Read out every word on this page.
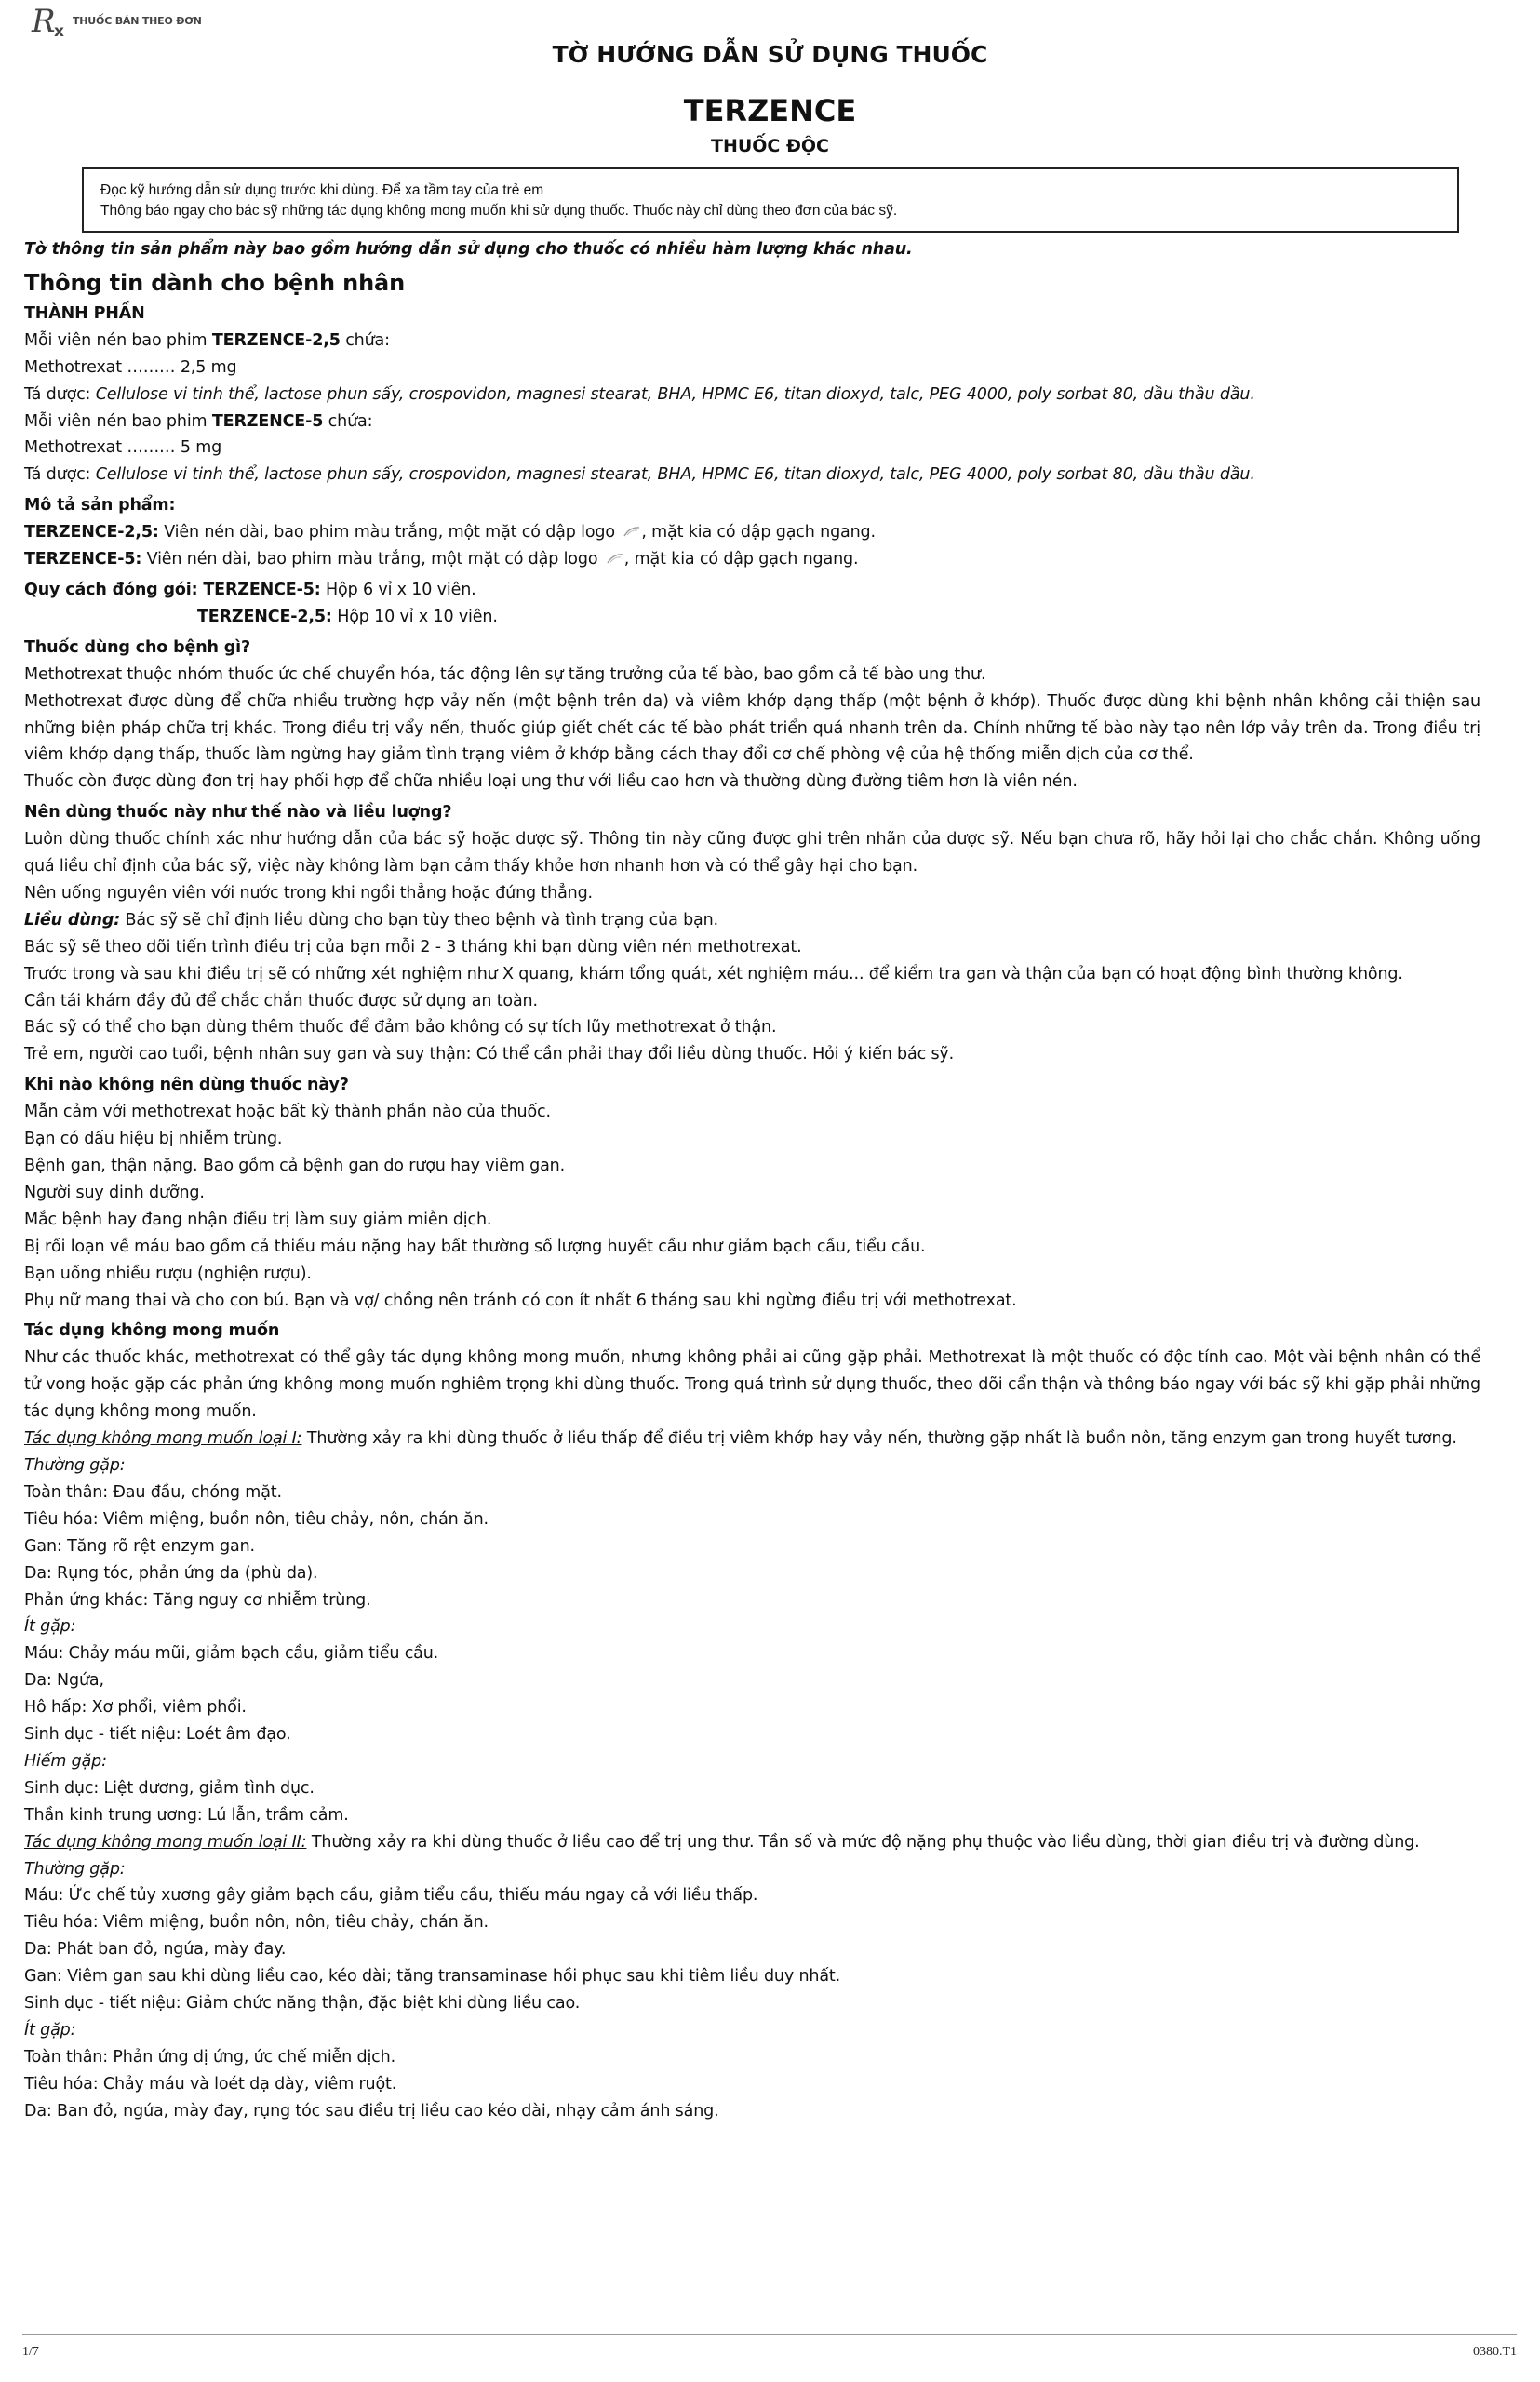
R
x
THUỐC BÁN THEO ĐƠN
TỜ HƯỚNG DẪN SỬ DỤNG THUỐC
TERZENCE
THUỐC ĐỘC
Đọc kỹ hướng dẫn sử dụng trước khi dùng. Để xa tầm tay của trẻ em
Thông báo ngay cho bác sỹ những tác dụng không mong muốn khi sử dụng thuốc. Thuốc này chỉ dùng theo đơn của bác sỹ.

Tờ thông tin sản phẩm này bao gồm hướng dẫn sử dụng cho thuốc có nhiều hàm lượng khác nhau.

Thông tin dành cho bệnh nhân

THÀNH PHẦN

Mỗi viên nén bao phim TERZENCE-2,5 chứa:

Methotrexat ……… 2,5 mg

Tá dược: Cellulose vi tinh thể, lactose phun sấy, crospovidon, magnesi stearat, BHA, HPMC E6, titan dioxyd, talc, PEG 4000, poly sorbat 80, dầu thầu dầu.

Mỗi viên nén bao phim TERZENCE-5 chứa:

Methotrexat ……… 5 mg

Tá dược: Cellulose vi tinh thể, lactose phun sấy, crospovidon, magnesi stearat, BHA, HPMC E6, titan dioxyd, talc, PEG 4000, poly sorbat 80, dầu thầu dầu.

Mô tả sản phẩm:

TERZENCE-2,5: Viên nén dài, bao phim màu trắng, một mặt có dập logo , mặt kia có dập gạch ngang.

TERZENCE-5: Viên nén dài, bao phim màu trắng, một mặt có dập logo , mặt kia có dập gạch ngang.

Quy cách đóng gói: TERZENCE-5: Hộp 6 vỉ x 10 viên.

TERZENCE-2,5: Hộp 10 vỉ x 10 viên.

Thuốc dùng cho bệnh gì?

Methotrexat thuộc nhóm thuốc ức chế chuyển hóa, tác động lên sự tăng trưởng của tế bào, bao gồm cả tế bào ung thư.

Methotrexat được dùng để chữa nhiều trường hợp vảy nến (một bệnh trên da) và viêm khớp dạng thấp (một bệnh ở khớp). Thuốc được dùng khi bệnh nhân không cải thiện sau những biện pháp chữa trị khác. Trong điều trị vẩy nến, thuốc giúp giết chết các tế bào phát triển quá nhanh trên da. Chính những tế bào này tạo nên lớp vảy trên da. Trong điều trị viêm khớp dạng thấp, thuốc làm ngừng hay giảm tình trạng viêm ở khớp bằng cách thay đổi cơ chế phòng vệ của hệ thống miễn dịch của cơ thể.

Thuốc còn được dùng đơn trị hay phối hợp để chữa nhiều loại ung thư với liều cao hơn và thường dùng đường tiêm hơn là viên nén.

Nên dùng thuốc này như thế nào và liều lượng?

Luôn dùng thuốc chính xác như hướng dẫn của bác sỹ hoặc dược sỹ. Thông tin này cũng được ghi trên nhãn của dược sỹ. Nếu bạn chưa rõ, hãy hỏi lại cho chắc chắn. Không uống quá liều chỉ định của bác sỹ, việc này không làm bạn cảm thấy khỏe hơn nhanh hơn và có thể gây hại cho bạn.

Nên uống nguyên viên với nước trong khi ngồi thẳng hoặc đứng thẳng.

Liều dùng: Bác sỹ sẽ chỉ định liều dùng cho bạn tùy theo bệnh và tình trạng của bạn.

Bác sỹ sẽ theo dõi tiến trình điều trị của bạn mỗi 2 - 3 tháng khi bạn dùng viên nén methotrexat.

Trước trong và sau khi điều trị sẽ có những xét nghiệm như X quang, khám tổng quát, xét nghiệm máu... để kiểm tra gan và thận của bạn có hoạt động bình thường không.

Cần tái khám đầy đủ để chắc chắn thuốc được sử dụng an toàn.

Bác sỹ có thể cho bạn dùng thêm thuốc để đảm bảo không có sự tích lũy methotrexat ở thận.

Trẻ em, người cao tuổi, bệnh nhân suy gan và suy thận: Có thể cần phải thay đổi liều dùng thuốc. Hỏi ý kiến bác sỹ.

Khi nào không nên dùng thuốc này?

Mẫn cảm với methotrexat hoặc bất kỳ thành phần nào của thuốc.

Bạn có dấu hiệu bị nhiễm trùng.

Bệnh gan, thận nặng. Bao gồm cả bệnh gan do rượu hay viêm gan.

Người suy dinh dưỡng.

Mắc bệnh hay đang nhận điều trị làm suy giảm miễn dịch.

Bị rối loạn về máu bao gồm cả thiếu máu nặng hay bất thường số lượng huyết cầu như giảm bạch cầu, tiểu cầu.

Bạn uống nhiều rượu (nghiện rượu).

Phụ nữ mang thai và cho con bú. Bạn và vợ/ chồng nên tránh có con ít nhất 6 tháng sau khi ngừng điều trị với methotrexat.

Tác dụng không mong muốn

Như các thuốc khác, methotrexat có thể gây tác dụng không mong muốn, nhưng không phải ai cũng gặp phải. Methotrexat là một thuốc có độc tính cao. Một vài bệnh nhân có thể tử vong hoặc gặp các phản ứng không mong muốn nghiêm trọng khi dùng thuốc. Trong quá trình sử dụng thuốc, theo dõi cẩn thận và thông báo ngay với bác sỹ khi gặp phải những tác dụng không mong muốn.

Tác dụng không mong muốn loại I: Thường xảy ra khi dùng thuốc ở liều thấp để điều trị viêm khớp hay vảy nến, thường gặp nhất là buồn nôn, tăng enzym gan trong huyết tương.

Thường gặp:

Toàn thân: Đau đầu, chóng mặt.

Tiêu hóa: Viêm miệng, buồn nôn, tiêu chảy, nôn, chán ăn.

Gan: Tăng rõ rệt enzym gan.

Da: Rụng tóc, phản ứng da (phù da).

Phản ứng khác: Tăng nguy cơ nhiễm trùng.

Ít gặp:

Máu: Chảy máu mũi, giảm bạch cầu, giảm tiểu cầu.

Da: Ngứa,

Hô hấp: Xơ phổi, viêm phổi.

Sinh dục - tiết niệu: Loét âm đạo.

Hiếm gặp:

Sinh dục: Liệt dương, giảm tình dục.

Thần kinh trung ương: Lú lẫn, trầm cảm.

Tác dụng không mong muốn loại II: Thường xảy ra khi dùng thuốc ở liều cao để trị ung thư. Tần số và mức độ nặng phụ thuộc vào liều dùng, thời gian điều trị và đường dùng.

Thường gặp:

Máu: Ức chế tủy xương gây giảm bạch cầu, giảm tiểu cầu, thiếu máu ngay cả với liều thấp.

Tiêu hóa: Viêm miệng, buồn nôn, nôn, tiêu chảy, chán ăn.

Da: Phát ban đỏ, ngứa, mày đay.

Gan: Viêm gan sau khi dùng liều cao, kéo dài; tăng transaminase hồi phục sau khi tiêm liều duy nhất.

Sinh dục - tiết niệu: Giảm chức năng thận, đặc biệt khi dùng liều cao.

Ít gặp:

Toàn thân: Phản ứng dị ứng, ức chế miễn dịch.

Tiêu hóa: Chảy máu và loét dạ dày, viêm ruột.

Da: Ban đỏ, ngứa, mày đay, rụng tóc sau điều trị liều cao kéo dài, nhạy cảm ánh sáng.

1/7	0380.T1
